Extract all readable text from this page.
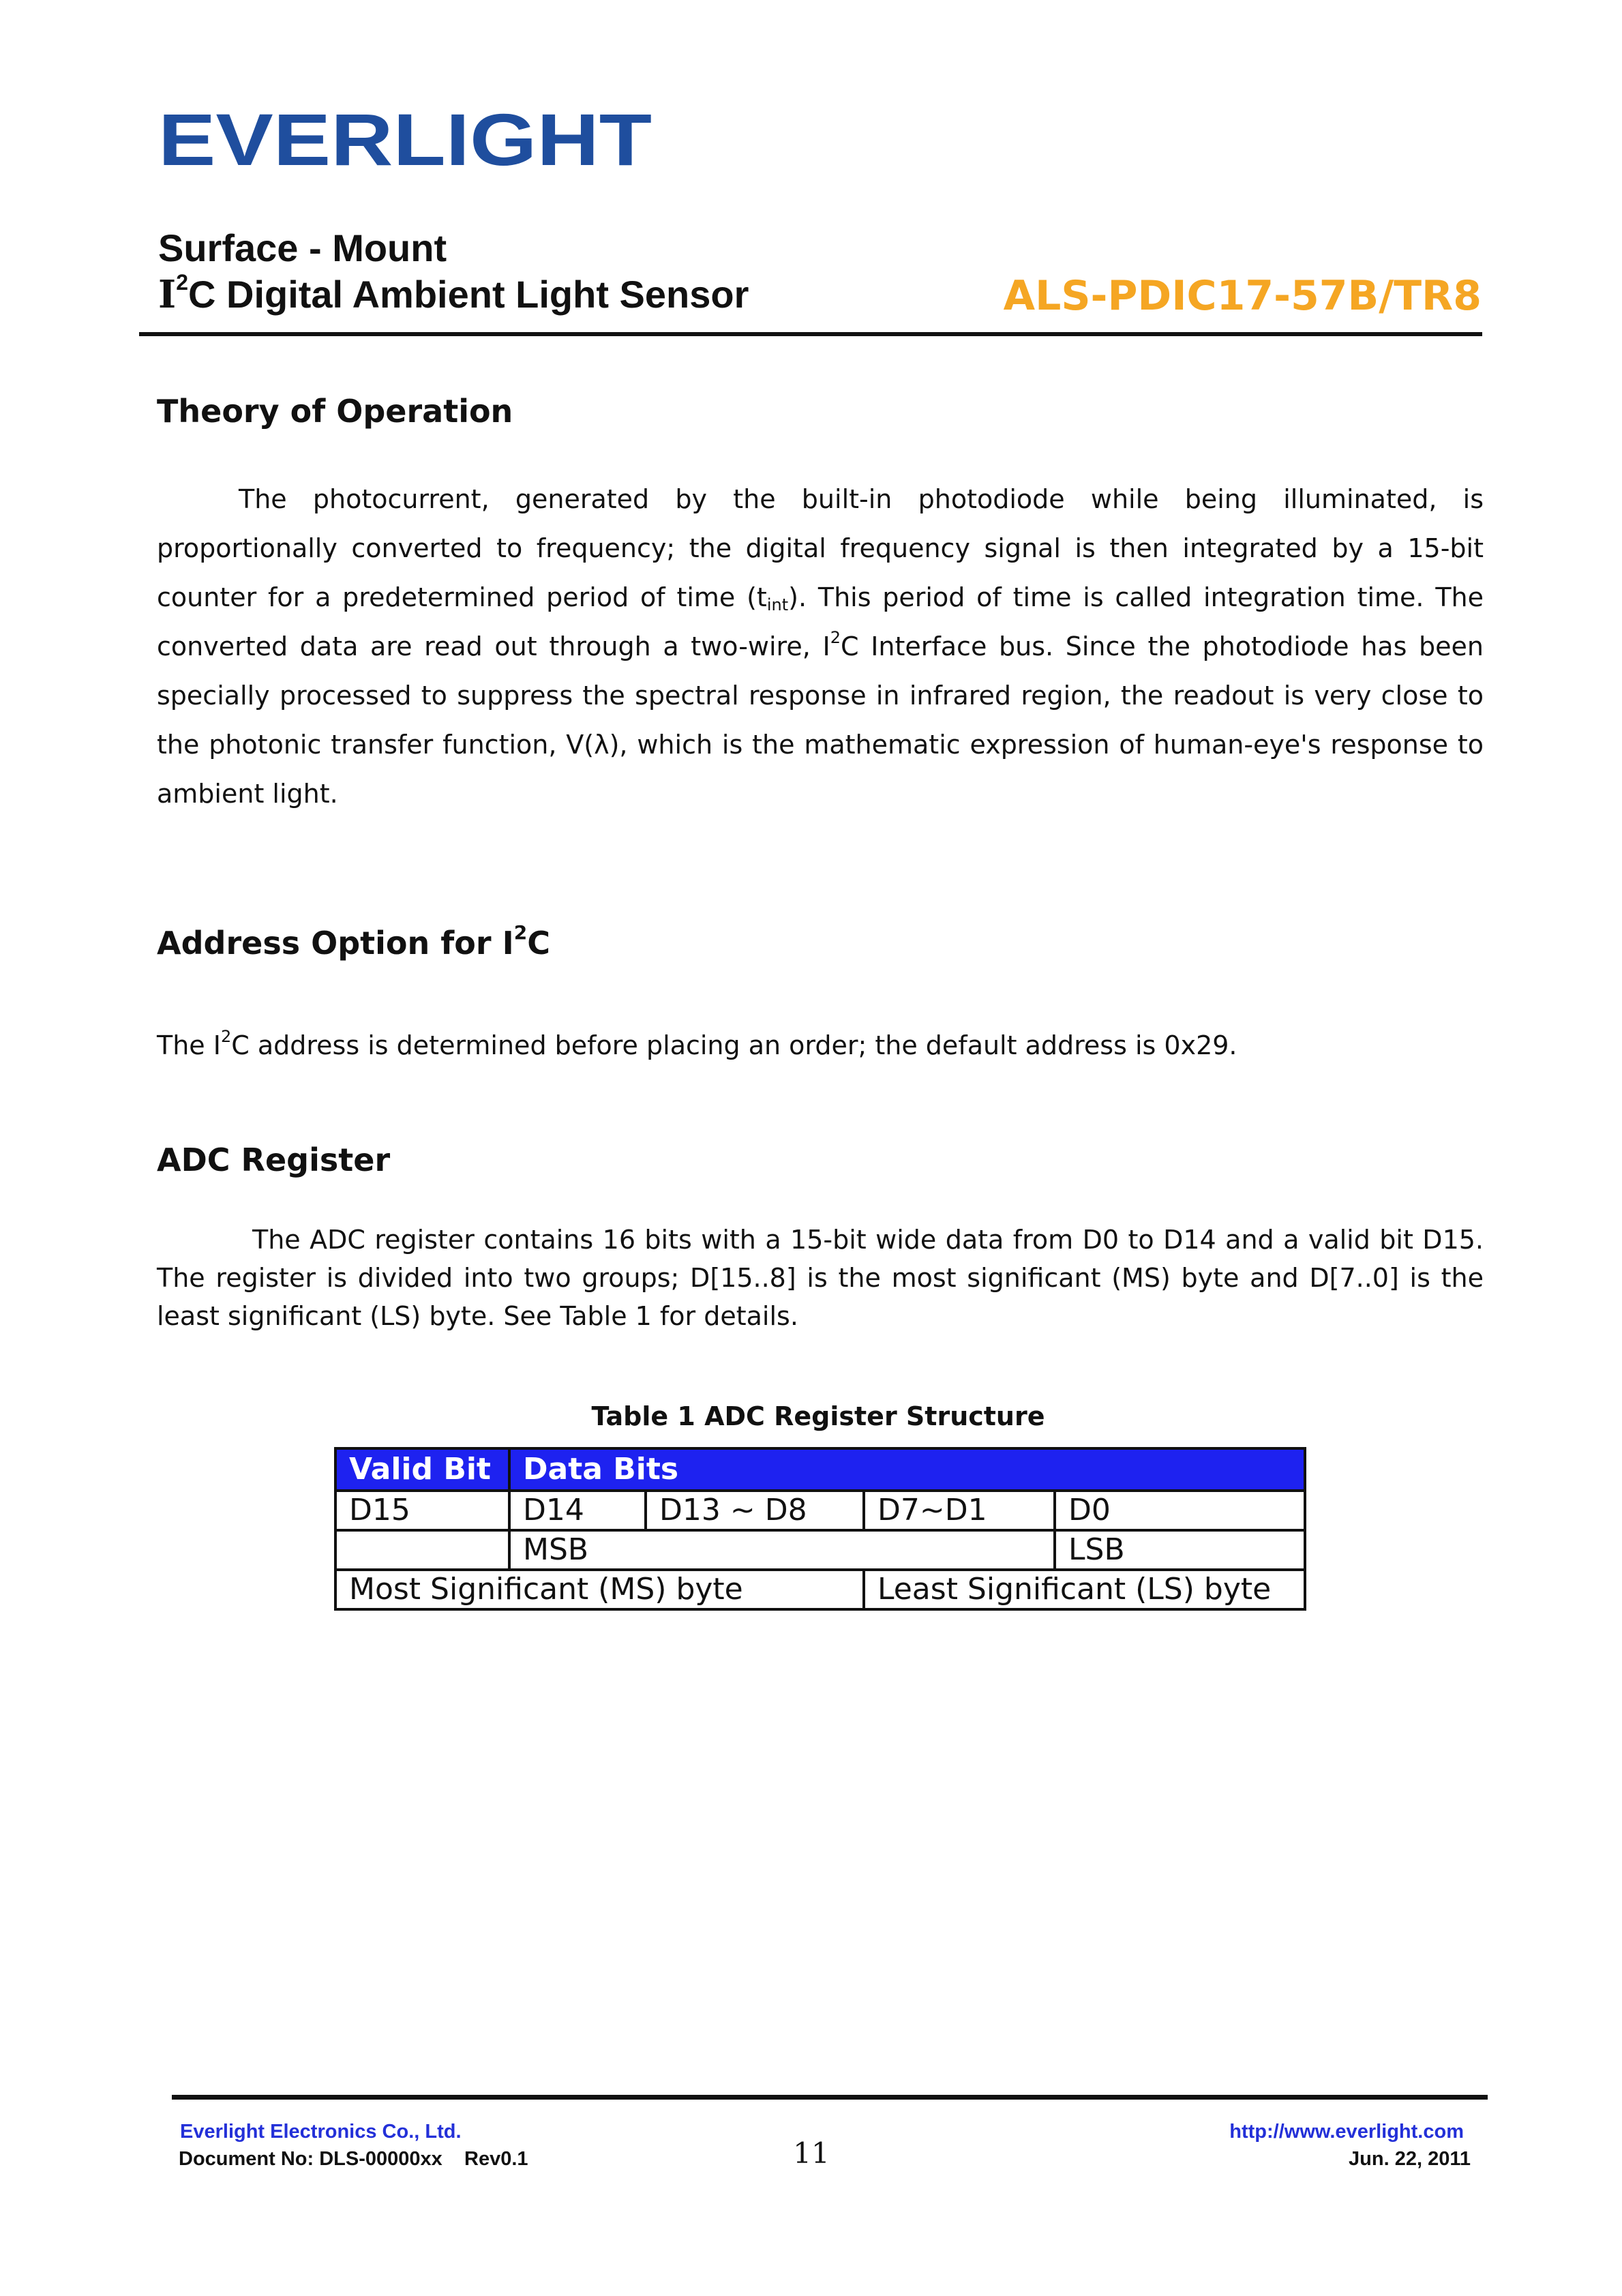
EVERLIGHT
Surface - Mount
$I^2C$ Digital Ambient Light Sensor	ALS-PDIC17-57B/TR8
Theory of Operation

The photocurrent, generated by the built-in photodiode while being illuminated, is proportionally converted to frequency; the digital frequency signal is then integrated by a 15-bit counter for a predetermined period of time $(t_{int})$. This period of time is called integration time. The converted data are read out through a two-wire, $I^2C$ Interface bus. Since the photodiode has been specially processed to suppress the spectral response in infrared region, the readout is very close to the photonic transfer function, V(λ), which is the mathematic expression of human-eye's response to ambient light.

Address Option for $I^2C$

The $I^2C$ address is determined before placing an order; the default address is 0x29.

ADC Register

The ADC register contains 16 bits with a 15-bit wide data from D0 to D14 and a valid bit D15. The register is divided into two groups; D[15..8] is the most significant (MS) byte and D[7..0] is the least significant (LS) byte. See Table 1 for details.

Table 1 ADC Register Structure
Valid Bit	Data Bits			
D15	D14	D13 ~ D8	D7~D1	D0
	MSB			LSB
Most Significant (MS) byte			Least Significant (LS) byte	
Everlight Electronics Co., Ltd.
Document No: DLS-00000xx    Rev0.1	11
http://www.everlight.com
Jun. 22, 2011
